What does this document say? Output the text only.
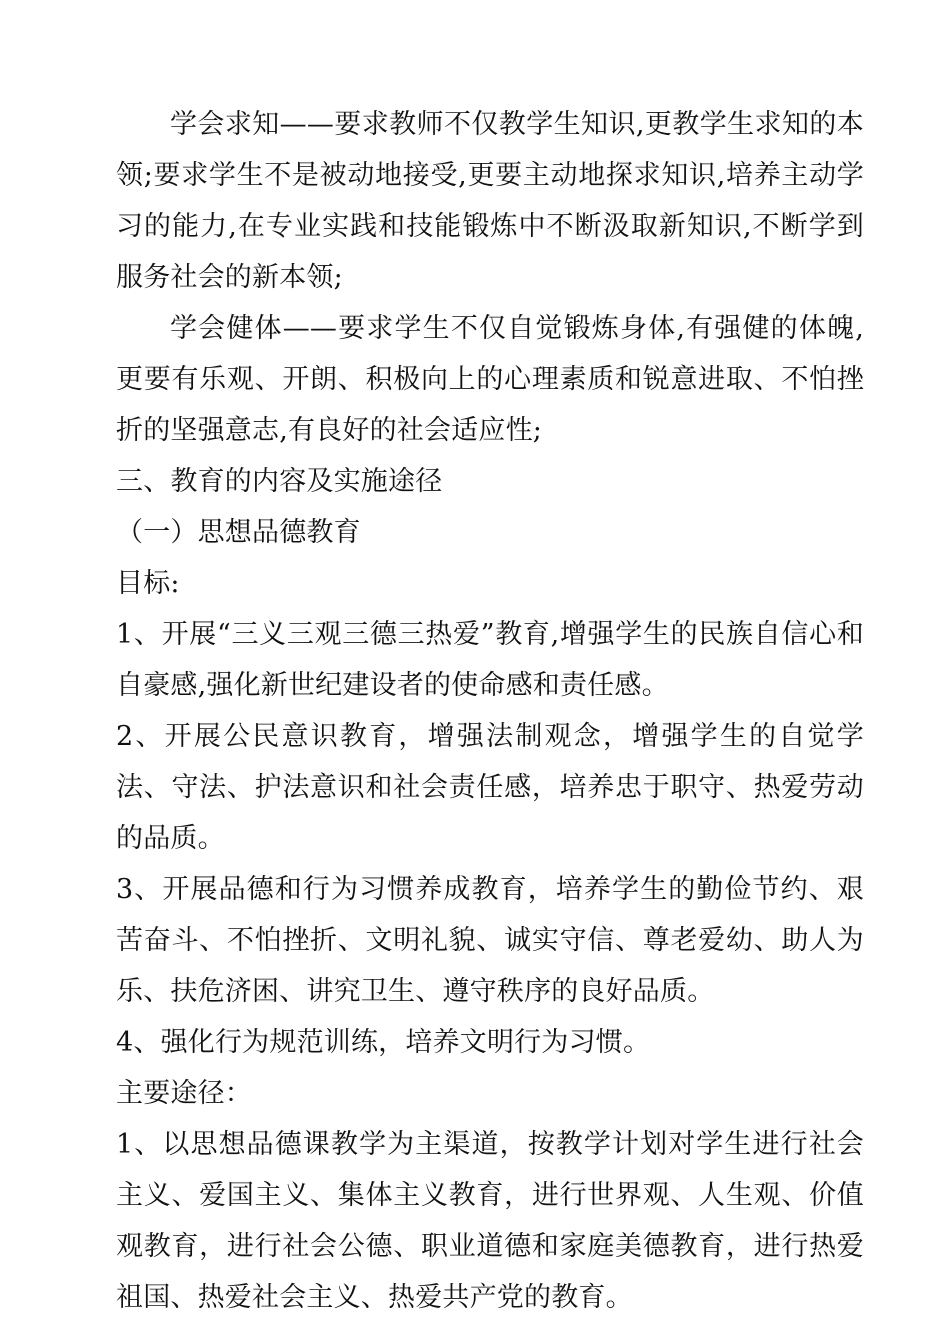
学会求知——要求教师不仅教学生知识,更教学生求知的本领;要求学生不是被动地接受,更要主动地探求知识,培养主动学习的能力,在专业实践和技能锻炼中不断汲取新知识,不断学到服务社会的新本领;

学会健体——要求学生不仅自觉锻炼身体,有强健的体魄,更要有乐观、开朗、积极向上的心理素质和锐意进取、不怕挫折的坚强意志,有良好的社会适应性;

三、教育的内容及实施途径

（一）思想品德教育

目标:

1、开展“三义三观三德三热爱”教育,增强学生的民族自信心和自豪感,强化新世纪建设者的使命感和责任感。

2、开展公民意识教育，增强法制观念，增强学生的自觉学法、守法、护法意识和社会责任感，培养忠于职守、热爱劳动的品质。

3、开展品德和行为习惯养成教育，培养学生的勤俭节约、艰苦奋斗、不怕挫折、文明礼貌、诚实守信、尊老爱幼、助人为乐、扶危济困、讲究卫生、遵守秩序的良好品质。

4、强化行为规范训练，培养文明行为习惯。

主要途径：

1、以思想品德课教学为主渠道，按教学计划对学生进行社会主义、爱国主义、集体主义教育，进行世界观、人生观、价值观教育，进行社会公德、职业道德和家庭美德教育，进行热爱祖国、热爱社会主义、热爱共产党的教育。
